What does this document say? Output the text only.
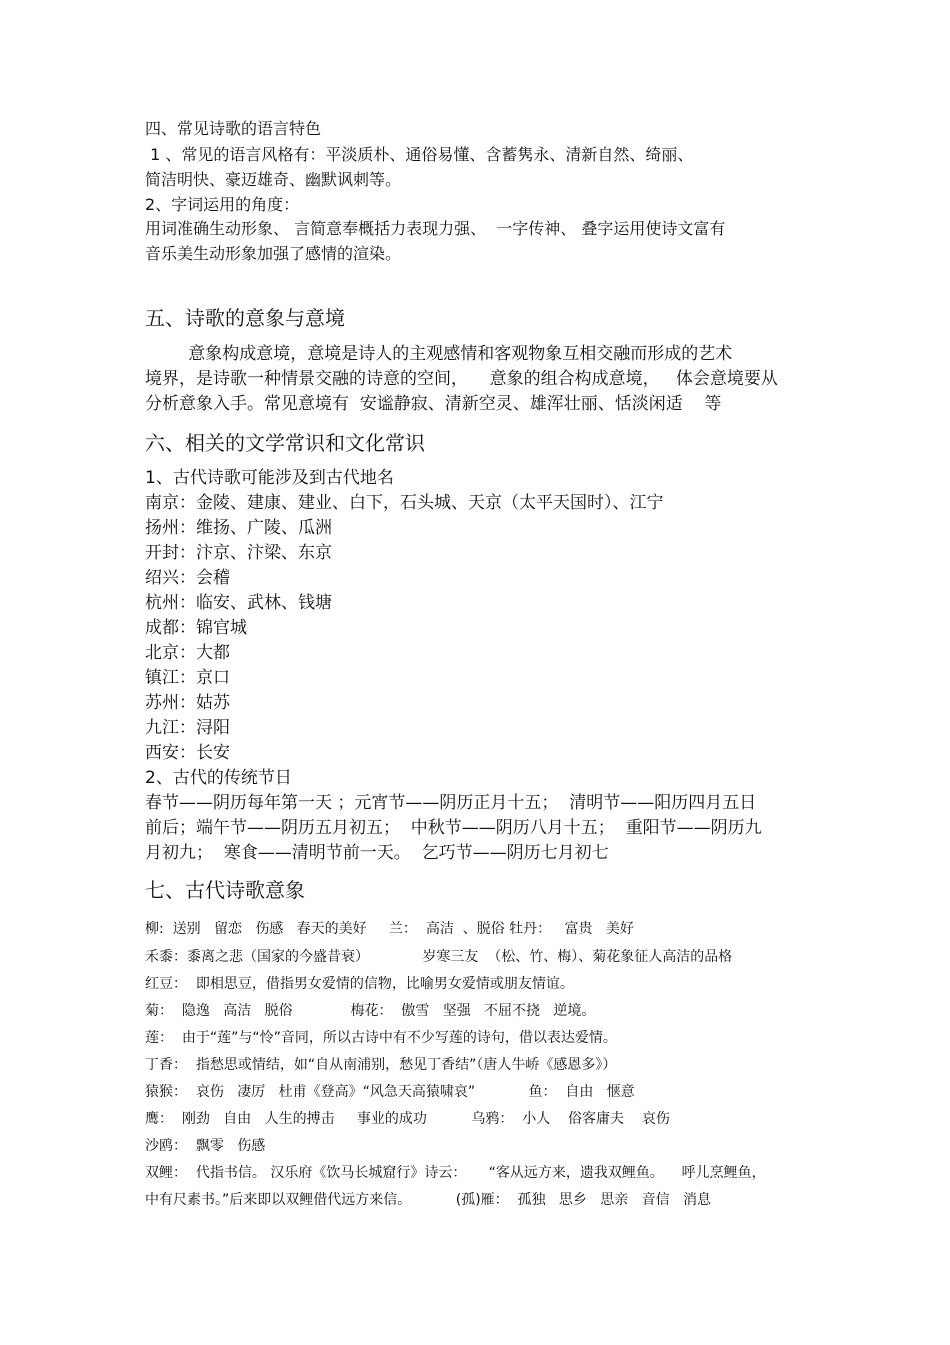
四、常见诗歌的语言特色
1 、常见的语言风格有：平淡质朴、通俗易懂、含蓄隽永、清新自然、绮丽、
简洁明快、豪迈雄奇、幽默讽刺等。
2、字词运用的角度：
用词准确生动形象、 言简意奉概括力表现力强、  一字传神、 叠字运用使诗文富有
音乐美生动形象加强了感情的渲染。
五、诗歌的意象与意境
意象构成意境，意境是诗人的主观感情和客观物象互相交融而形成的艺术
境界，是诗歌一种情景交融的诗意的空间，    意象的组合构成意境，   体会意境要从
分析意象入手。常见意境有  安谧静寂、清新空灵、雄浑壮丽、恬淡闲适    等
六、相关的文学常识和文化常识
1、古代诗歌可能涉及到古代地名
南京：金陵、建康、建业、白下，石头城、天京（太平天国时）、江宁
扬州：维扬、广陵、瓜洲
开封：汴京、汴梁、东京
绍兴：会稽
杭州：临安、武林、钱塘
成都：锦官城
北京：大都
镇江：京口
苏州：姑苏
九江：浔阳
西安：长安
2、古代的传统节日
春节——阴历每年第一天 ；元宵节——阴历正月十五；  清明节——阳历四月五日
前后；端午节——阴历五月初五；  中秋节——阴历八月十五；  重阳节——阴历九
月初九；  寒食——清明节前一天。  乞巧节——阴历七月初七
七、古代诗歌意象
柳:  送别   留恋   伤感   春天的美好     兰：  高洁  、脱俗 牡丹：   富贵   美好
禾黍：黍离之悲（国家的今盛昔衰）            岁寒三友  （松、竹、梅）、菊花象征人高洁的品格
红豆：  即相思豆，借指男女爱情的信物，比喻男女爱情或朋友情谊。
菊：  隐逸   高洁   脱俗             梅花：  傲雪   坚强   不屈不挠   逆境。
莲：  由于“莲”与“怜”音同，所以古诗中有不少写莲的诗句，借以表达爱情。
丁香：  指愁思或情结，如“自从南浦别，愁见丁香结”（唐人牛峤《感恩多》）
猿猴：  哀伤   凄厉   杜甫《登高》“风急天高猿啸哀”            鱼：  自由   惬意
鹰：  刚劲   自由   人生的搏击     事业的成功          乌鸦：  小人    俗客庸夫    哀伤
沙鸥：  飘零   伤感
双鲤：  代指书信。 汉乐府《饮马长城窟行》诗云：     “客从远方来，遗我双鲤鱼。    呼儿烹鲤鱼，
中有尺素书。”后来即以双鲤借代远方来信。          (孤)雁：  孤独   思乡   思亲   音信   消息
